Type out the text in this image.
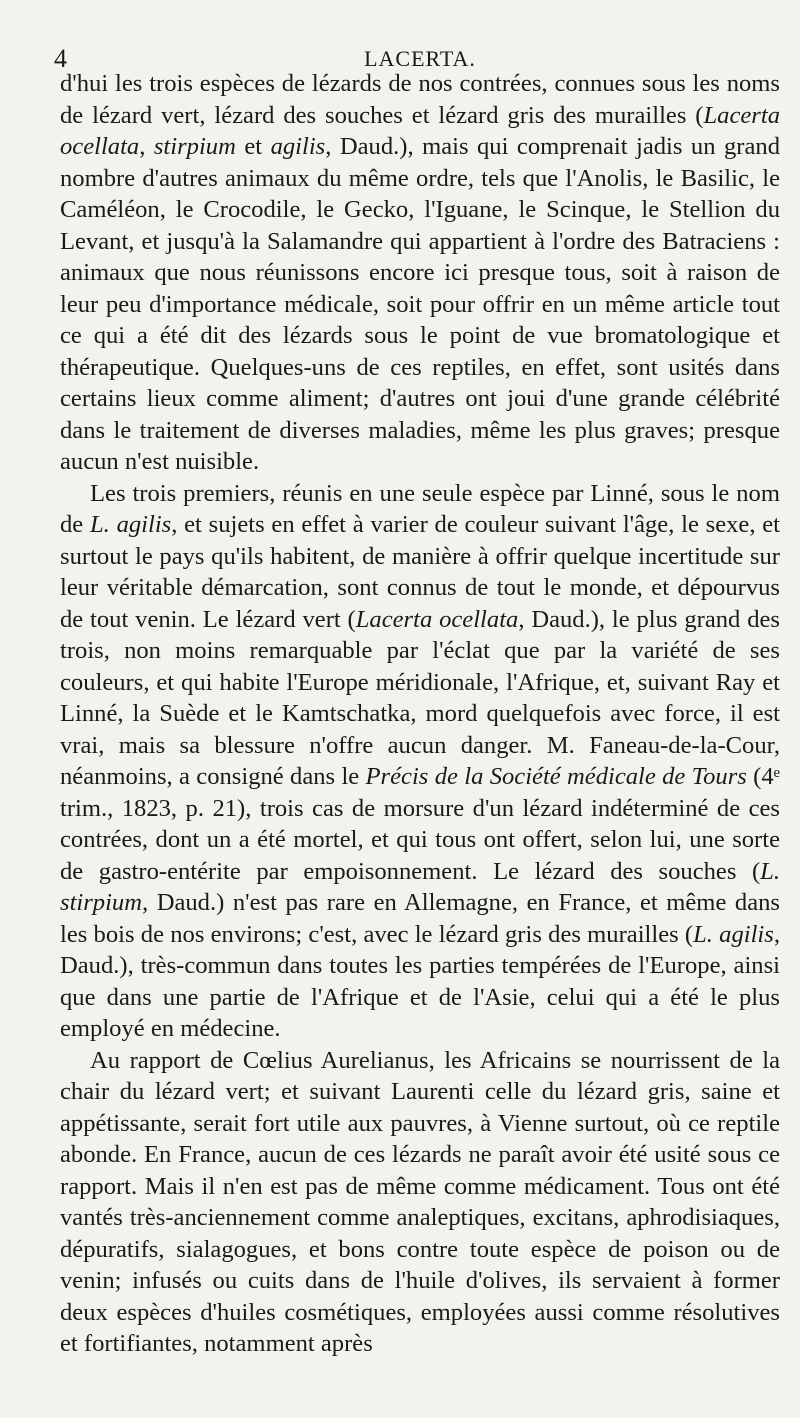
4	LACERTA.

d'hui les trois espèces de lézards de nos contrées, connues sous les noms de lézard vert, lézard des souches et lézard gris des murailles (Lacerta ocellata, stirpium et agilis, Daud.), mais qui comprenait jadis un grand nombre d'autres animaux du même ordre, tels que l'Anolis, le Basilic, le Caméléon, le Crocodile, le Gecko, l'Iguane, le Scinque, le Stellion du Levant, et jusqu'à la Salamandre qui appartient à l'ordre des Batraciens : animaux que nous réunissons encore ici presque tous, soit à raison de leur peu d'importance médicale, soit pour offrir en un même article tout ce qui a été dit des lézards sous le point de vue bromatologique et thérapeutique. Quelques-uns de ces reptiles, en effet, sont usités dans certains lieux comme aliment; d'autres ont joui d'une grande célébrité dans le traitement de diverses maladies, même les plus graves; presque aucun n'est nuisible.

Les trois premiers, réunis en une seule espèce par Linné, sous le nom de L. agilis, et sujets en effet à varier de couleur suivant l'âge, le sexe, et surtout le pays qu'ils habitent, de manière à offrir quelque incertitude sur leur véritable démarcation, sont connus de tout le monde, et dépourvus de tout venin. Le lézard vert (Lacerta ocellata, Daud.), le plus grand des trois, non moins remarquable par l'éclat que par la variété de ses couleurs, et qui habite l'Europe méridionale, l'Afrique, et, suivant Ray et Linné, la Suède et le Kamtschatka, mord quelquefois avec force, il est vrai, mais sa blessure n'offre aucun danger. M. Faneau-de-la-Cour, néanmoins, a consigné dans le Précis de la Société médicale de Tours (4ᵉ trim., 1823, p. 21), trois cas de morsure d'un lézard indéterminé de ces contrées, dont un a été mortel, et qui tous ont offert, selon lui, une sorte de gastro-entérite par empoisonnement. Le lézard des souches (L. stirpium, Daud.) n'est pas rare en Allemagne, en France, et même dans les bois de nos environs; c'est, avec le lézard gris des murailles (L. agilis, Daud.), très-commun dans toutes les parties tempérées de l'Europe, ainsi que dans une partie de l'Afrique et de l'Asie, celui qui a été le plus employé en médecine.

Au rapport de Cœlius Aurelianus, les Africains se nourrissent de la chair du lézard vert; et suivant Laurenti celle du lézard gris, saine et appétissante, serait fort utile aux pauvres, à Vienne surtout, où ce reptile abonde. En France, aucun de ces lézards ne paraît avoir été usité sous ce rapport. Mais il n'en est pas de même comme médicament. Tous ont été vantés très-anciennement comme analeptiques, excitans, aphrodisiaques, dépuratifs, sialagogues, et bons contre toute espèce de poison ou de venin; infusés ou cuits dans de l'huile d'olives, ils servaient à former deux espèces d'huiles cosmétiques, employées aussi comme résolutives et fortifiantes, notamment après
